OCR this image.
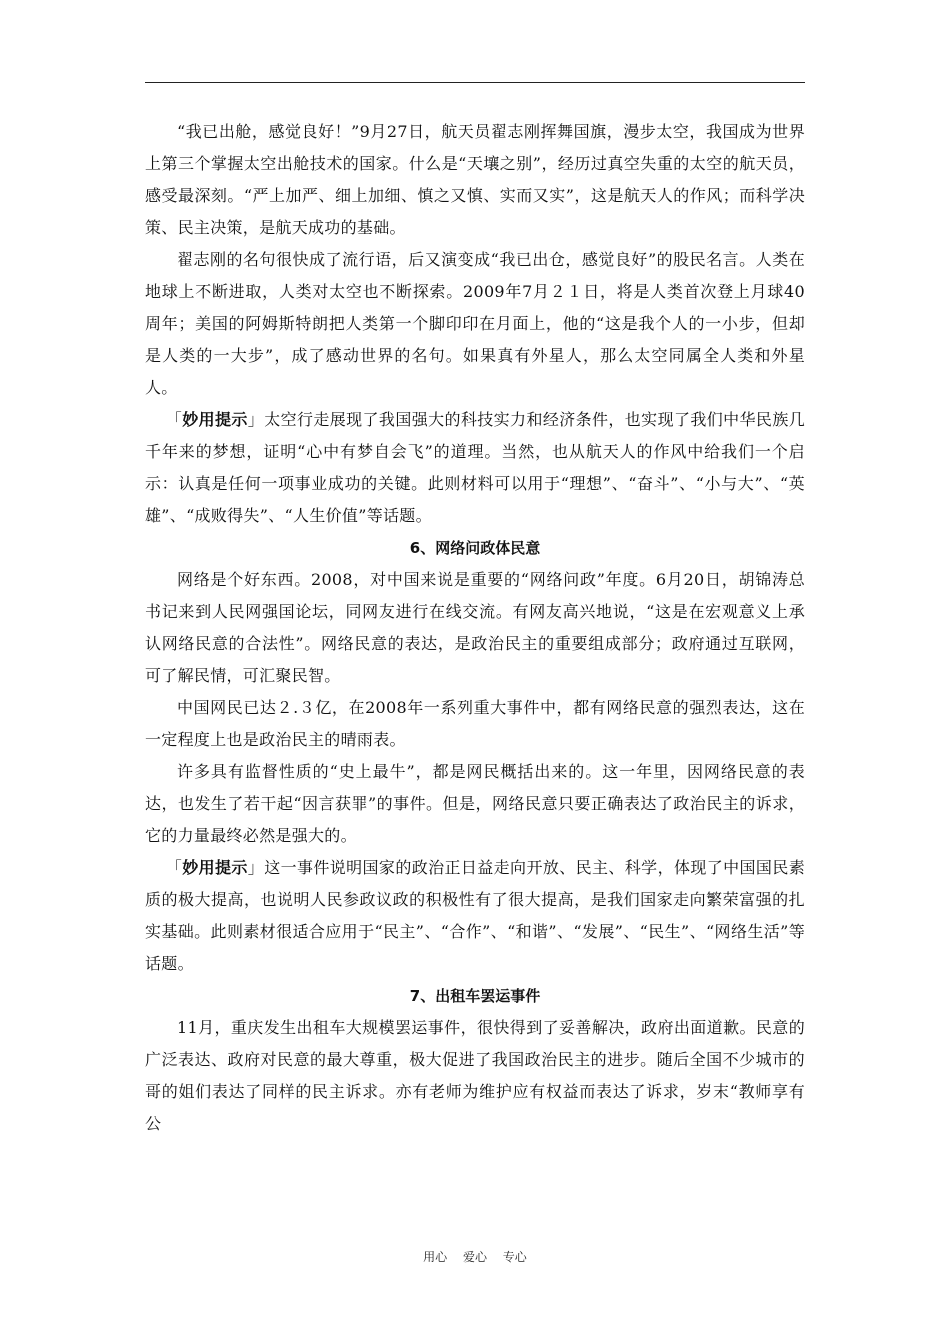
“我已出舱，感觉良好！”9月27日，航天员翟志刚挥舞国旗，漫步太空，我国成为世界上第三个掌握太空出舱技术的国家。什么是“天壤之别”，经历过真空失重的太空的航天员，感受最深刻。“严上加严、细上加细、慎之又慎、实而又实”，这是航天人的作风；而科学决策、民主决策，是航天成功的基础。

翟志刚的名句很快成了流行语，后又演变成“我已出仓，感觉良好”的股民名言。人类在地球上不断进取，人类对太空也不断探索。2009年7月２１日，将是人类首次登上月球40周年；美国的阿姆斯特朗把人类第一个脚印印在月面上，他的“这是我个人的一小步，但却是人类的一大步”，成了感动世界的名句。如果真有外星人，那么太空同属全人类和外星人。

「妙用提示」太空行走展现了我国强大的科技实力和经济条件，也实现了我们中华民族几千年来的梦想，证明“心中有梦自会飞”的道理。当然，也从航天人的作风中给我们一个启示：认真是任何一项事业成功的关键。此则材料可以用于“理想”、“奋斗”、“小与大”、“英雄”、“成败得失”、“人生价值”等话题。

6、网络问政体民意

网络是个好东西。2008，对中国来说是重要的“网络问政”年度。6月20日，胡锦涛总书记来到人民网强国论坛，同网友进行在线交流。有网友高兴地说，“这是在宏观意义上承认网络民意的合法性”。网络民意的表达，是政治民主的重要组成部分；政府通过互联网，可了解民情，可汇聚民智。

中国网民已达２.３亿，在2008年一系列重大事件中，都有网络民意的强烈表达，这在一定程度上也是政治民主的晴雨表。

许多具有监督性质的“史上最牛”，都是网民概括出来的。这一年里，因网络民意的表达，也发生了若干起“因言获罪”的事件。但是，网络民意只要正确表达了政治民主的诉求，它的力量最终必然是强大的。

「妙用提示」这一事件说明国家的政治正日益走向开放、民主、科学，体现了中国国民素质的极大提高，也说明人民参政议政的积极性有了很大提高，是我们国家走向繁荣富强的扎实基础。此则素材很适合应用于“民主”、“合作”、“和谐”、“发展”、“民生”、“网络生活”等话题。

7、出租车罢运事件

11月，重庆发生出租车大规模罢运事件，很快得到了妥善解决，政府出面道歉。民意的广泛表达、政府对民意的最大尊重，极大促进了我国政治民主的进步。随后全国不少城市的哥的姐们表达了同样的民主诉求。亦有老师为维护应有权益而表达了诉求，岁末“教师享有公

用心 爱心 专心
